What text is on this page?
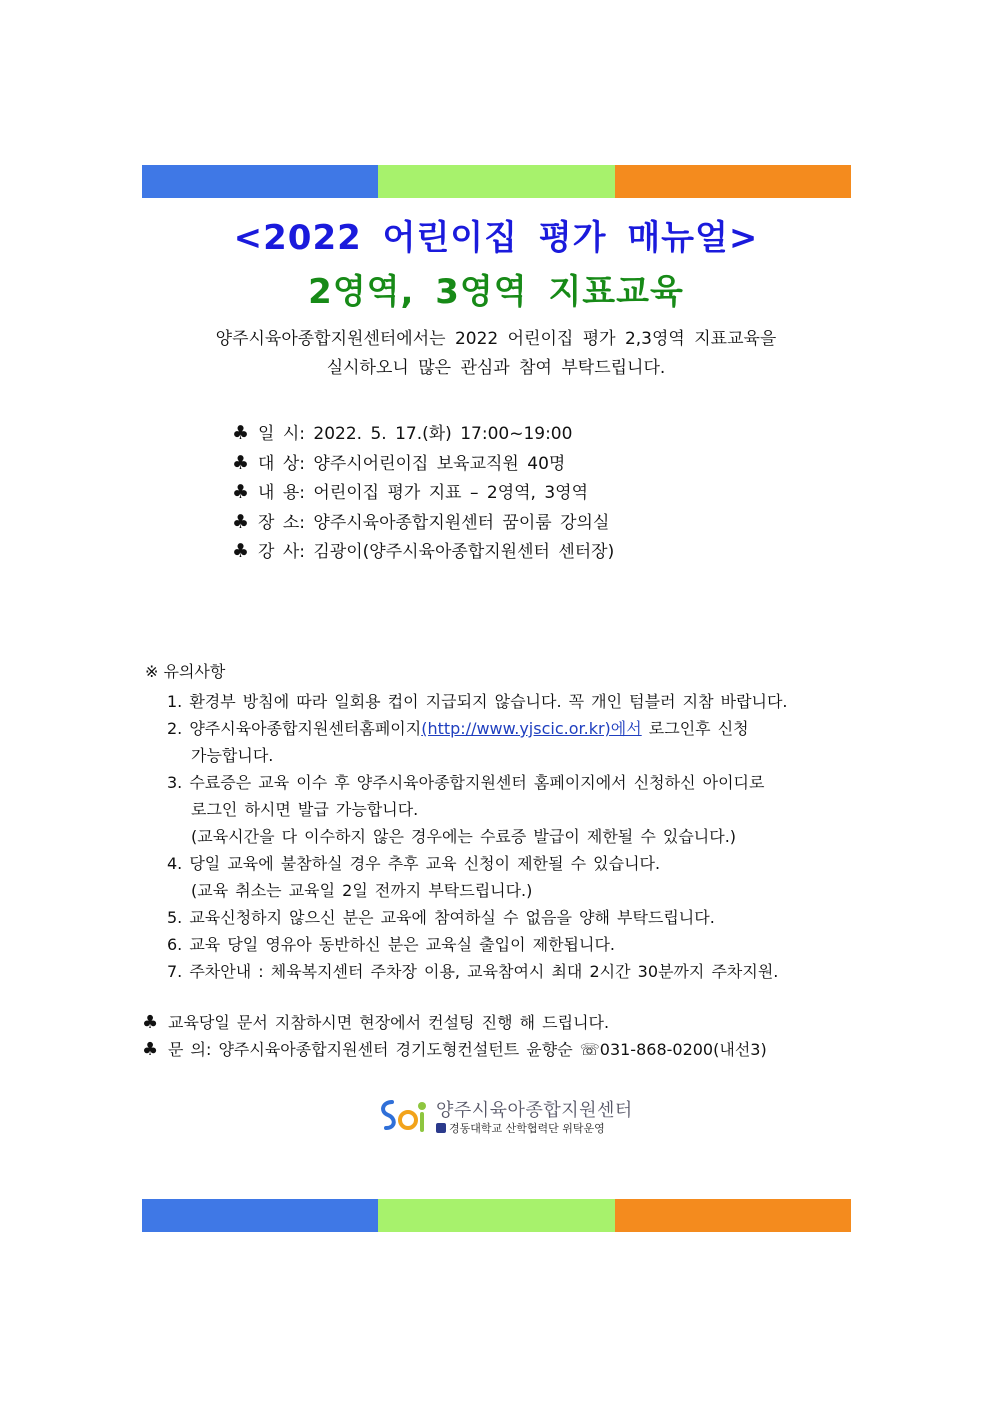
<2022 어린이집 평가 매뉴얼>
2영역, 3영역 지표교육
양주시육아종합지원센터에서는 2022 어린이집 평가 2,3영역 지표교육을
실시하오니 많은 관심과 참여 부탁드립니다.
♣ 일 시: 2022. 5. 17.(화) 17:00~19:00
♣ 대 상: 양주시어린이집 보육교직원 40명
♣ 내 용: 어린이집 평가 지표 – 2영역, 3영역
♣ 장 소: 양주시육아종합지원센터 꿈이룸 강의실
♣ 강 사: 김광이(양주시육아종합지원센터 센터장)
※ 유의사항
1. 환경부 방침에 따라 일회용 컵이 지급되지 않습니다. 꼭 개인 텀블러 지참 바랍니다.
2. 양주시육아종합지원센터홈페이지(http://www.yjscic.or.kr)에서 로그인후 신청
가능합니다.
3. 수료증은 교육 이수 후 양주시육아종합지원센터 홈페이지에서 신청하신 아이디로
로그인 하시면 발급 가능합니다.
(교육시간을 다 이수하지 않은 경우에는 수료증 발급이 제한될 수 있습니다.)
4. 당일 교육에 불참하실 경우 추후 교육 신청이 제한될 수 있습니다.
(교육 취소는 교육일 2일 전까지 부탁드립니다.)
5. 교육신청하지 않으신 분은 교육에 참여하실 수 없음을 양해 부탁드립니다.
6. 교육 당일 영유아 동반하신 분은 교육실 출입이 제한됩니다.
7. 주차안내 : 체육복지센터 주차장 이용, 교육참여시 최대 2시간 30분까지 주차지원.
♣ 교육당일 문서 지참하시면 현장에서 컨설팅 진행 해 드립니다.
♣ 문 의: 양주시육아종합지원센터 경기도형컨설턴트 윤향순 ☏031-868-0200(내선3)
양주시육아종합지원센터
경동대학교 산학협력단 위탁운영
